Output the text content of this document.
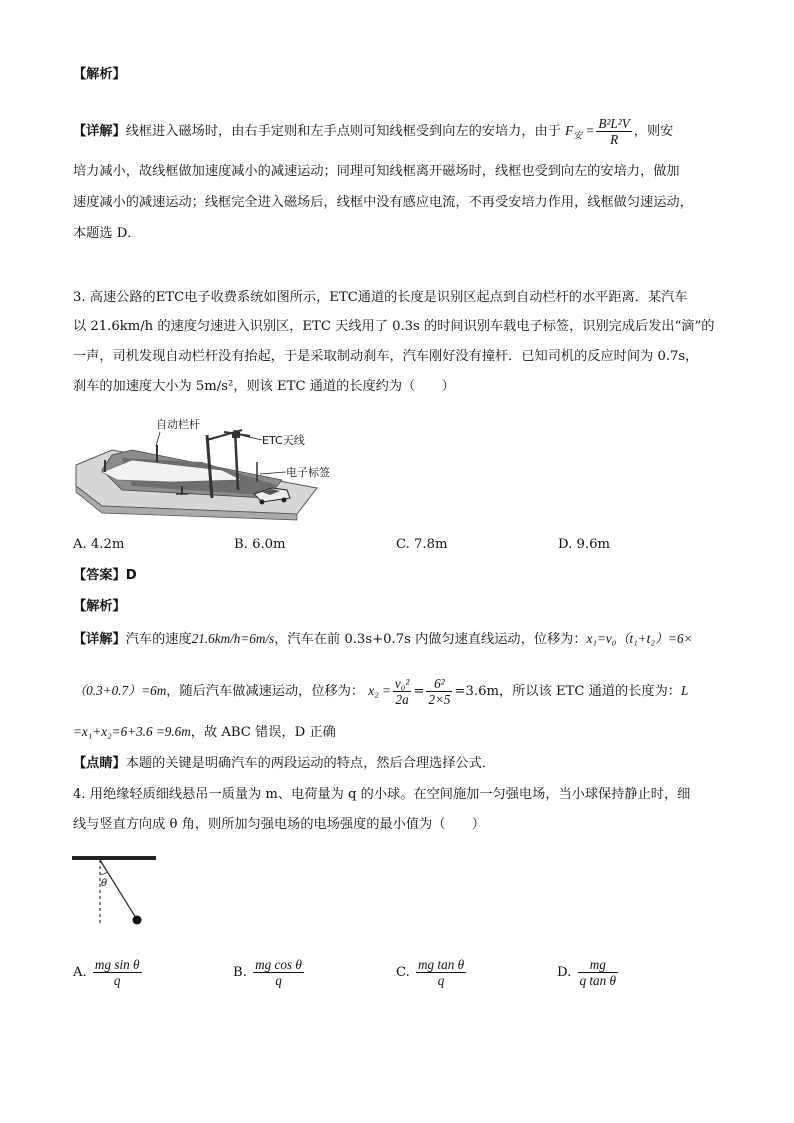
【解析】
【详解】线框进入磁场时，由右手定则和左手点则可知线框受到向左的安培力，由于 $F_安 = \frac{\text{B²L²V}}{R}$ ，则安
培力减小，故线框做加速度减小的减速运动；同理可知线框离开磁场时，线框也受到向左的安培力，做加
速度减小的减速运动；线框完全进入磁场后，线框中没有感应电流，不再受安培力作用，线框做匀速运动，
本题选 D．
3. 高速公路的ETC电子收费系统如图所示，ETC通道的长度是识别区起点到自动栏杆的水平距离．某汽车
以 21.6km/h 的速度匀速进入识别区，ETC 天线用了 0.3s 的时间识别车载电子标签，识别完成后发出“滴”的
一声，司机发现自动栏杆没有抬起，于是采取制动刹车，汽车刚好没有撞杆．已知司机的反应时间为 0.7s，
刹车的加速度大小为 5m/s²，则该 ETC 通道的长度约为（　　）
自动栏杆
ETC天线
电子标签
A. 4.2m	B. 6.0m	C. 7.8m	D. 9.6m
【答案】D
【解析】
【详解】汽车的速度21.6km/h=6m/s，汽车在前 0.3s+0.7s 内做匀速直线运动，位移为：x₁=v₀（t₁+t₂）=6×
（0.3+0.7）=6m，随后汽车做减速运动，位移为： $x_2 = \frac{\text{v₀²}}{2a} = \frac{\text{6²}}{2\times 5} =3.6m$，所以该 ETC 通道的长度为：L
=x₁+x₂=6+3.6 =9.6m，故 ABC 错误，D 正确
【点睛】本题的关键是明确汽车的两段运动的特点，然后合理选择公式．
4. 用绝缘轻质细线悬吊一质量为 m、电荷量为 q 的小球。在空间施加一匀强电场，当小球保持静止时，细
线与竖直方向成 θ 角，则所加匀强电场的电场强度的最小值为（　　）
θ
A. $\frac{\text{mg sin θ}}{q}$	B. $\frac{\text{mg cos θ}}{q}$	C. $\frac{\text{mg tan θ}}{q}$	D. $\frac{mg}{\text{q tan θ}}$
